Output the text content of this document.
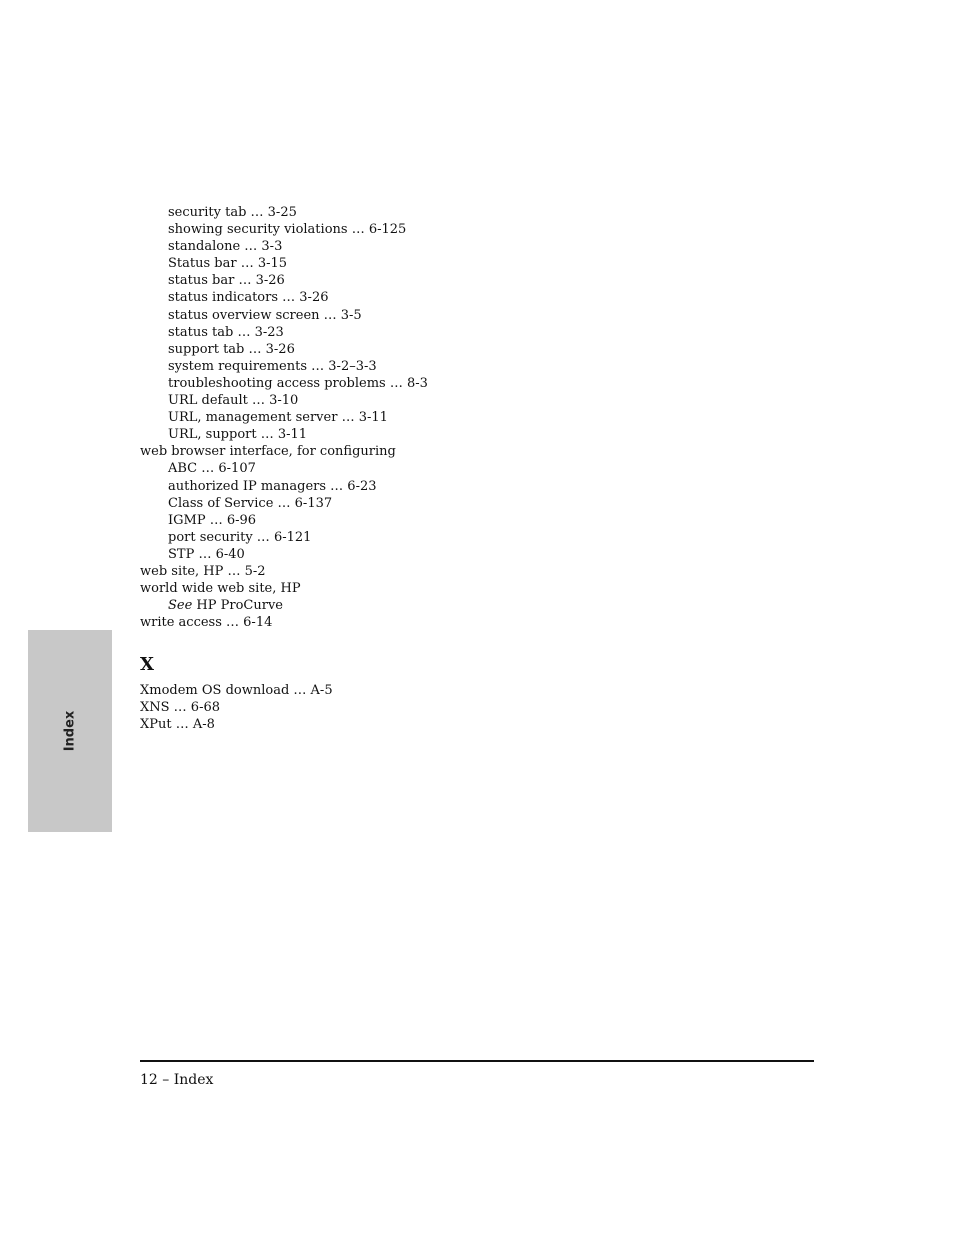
Index
security tab … 3-25
showing security violations … 6-125
standalone … 3-3
Status bar … 3-15
status bar … 3-26
status indicators … 3-26
status overview screen … 3-5
status tab … 3-23
support tab … 3-26
system requirements … 3-2–3-3
troubleshooting access problems … 8-3
URL default … 3-10
URL, management server … 3-11
URL, support … 3-11
web browser interface, for configuring
ABC … 6-107
authorized IP managers … 6-23
Class of Service … 6-137
IGMP … 6-96
port security … 6-121
STP … 6-40
web site, HP … 5-2
world wide web site, HP
See HP ProCurve
write access … 6-14
X
Xmodem OS download … A-5
XNS … 6-68
XPut … A-8
12 – Index
